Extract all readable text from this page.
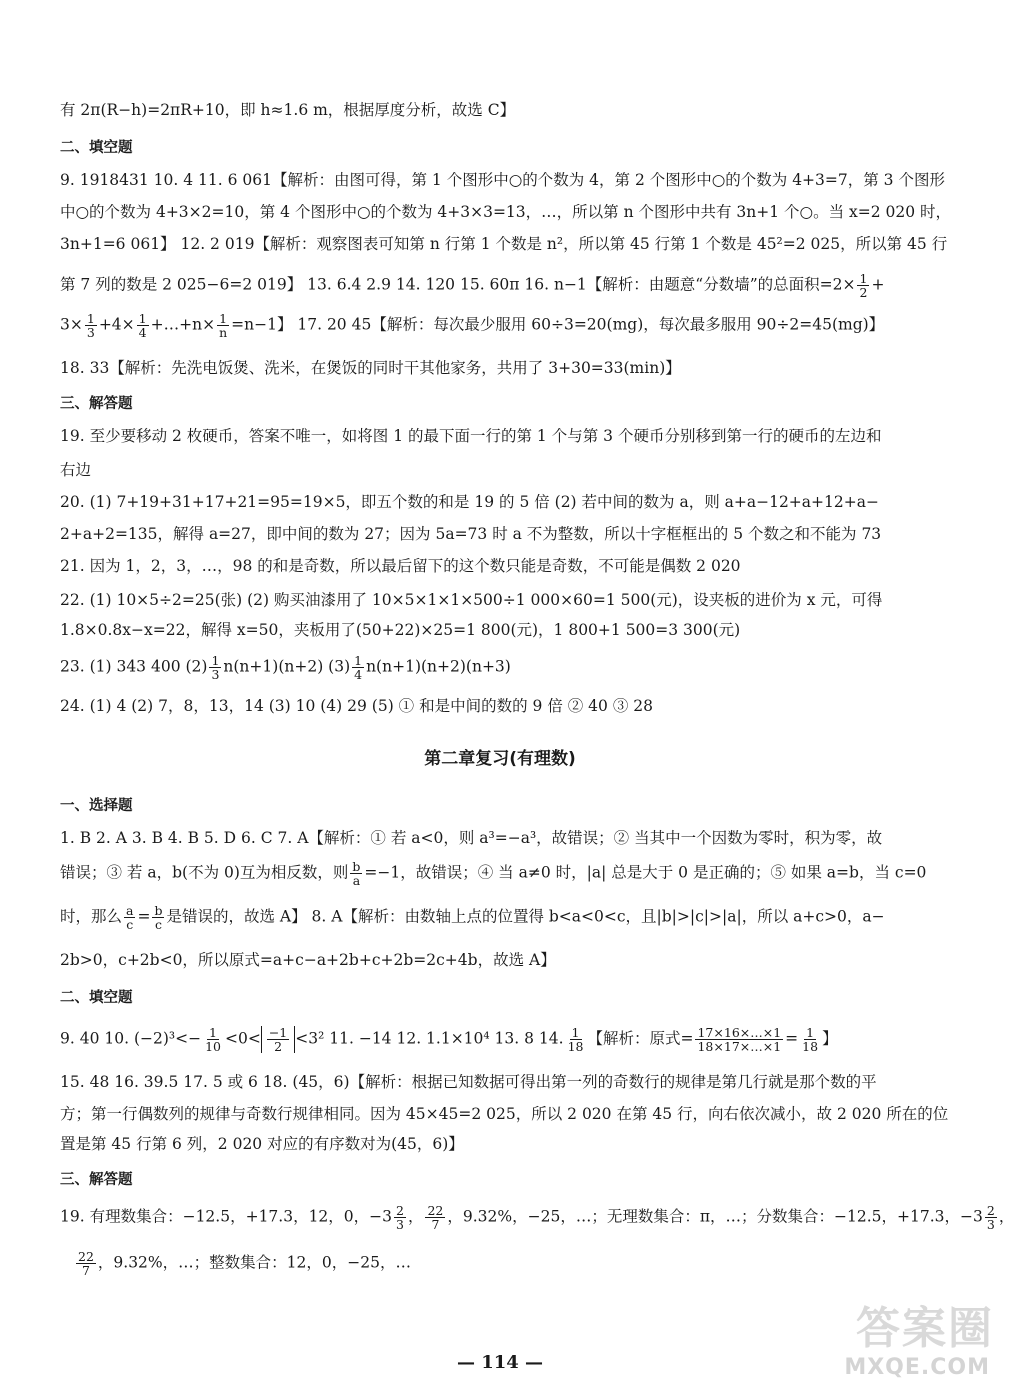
有 2π(R−h)=2πR+10，即 h≈1.6 m，根据厚度分析，故选 C】
二、填空题
9. 1918431 10. 4 11. 6 061【解析：由图可得，第 1 个图形中○的个数为 4，第 2 个图形中○的个数为 4+3=7，第 3 个图形
中○的个数为 4+3×2=10，第 4 个图形中○的个数为 4+3×3=13，…，所以第 n 个图形中共有 3n+1 个○。当 x=2 020 时，
3n+1=6 061】 12. 2 019【解析：观察图表可知第 n 行第 1 个数是 n²，所以第 45 行第 1 个数是 45²=2 025，所以第 45 行
第 7 列的数是 2 025−6=2 019】 13. 6.4 2.9 14. 120 15. 60π 16. n−1【解析：由题意“分数墙”的总面积$=2\times \frac{1}{2}$ +
$3\times \frac{1}{3} +4\times \frac{1}{4}$ +…+n× $\frac{1}{n} =n-1$】 17. 20 45【解析：每次最少服用 60÷3=20(mg)，每次最多服用 90÷2=45(mg)】
18. 33【解析：先洗电饭煲、洗米，在煲饭的同时干其他家务，共用了 3+30=33(min)】
三、解答题
19. 至少要移动 2 枚硬币，答案不唯一，如将图 1 的最下面一行的第 1 个与第 3 个硬币分别移到第一行的硬币的左边和
右边
20. (1) 7+19+31+17+21=95=19×5，即五个数的和是 19 的 5 倍 (2) 若中间的数为 a，则 a+a−12+a+12+a−
2+a+2=135，解得 a=27，即中间的数为 27；因为 5a=73 时 a 不为整数，所以十字框框出的 5 个数之和不能为 73
21. 因为 1，2，3，…，98 的和是奇数，所以最后留下的这个数只能是奇数，不可能是偶数 2 020
22. (1) 10×5÷2=25(张) (2) 购买油漆用了 10×5×1×1×500÷1 000×60=1 500(元)，设夹板的进价为 x 元，可得
1.8×0.8x−x=22，解得 x=50，夹板用了(50+22)×25=1 800(元)，1 800+1 500=3 300(元)
23. (1) 343 400 $(2) \frac{1}{3} n(n+1)(n+2)$ $(3) \frac{1}{4} n(n+1)(n+2)(n+3)$
24. (1) 4 (2) 7，8，13，14 (3) 10 (4) 29 (5) ① 和是中间的数的 9 倍 ② 40 ③ 28
第二章复习(有理数)
一、选择题
1. B 2. A 3. B 4. B 5. D 6. C 7. A【解析：① 若 a<0，则 a³=−a³，故错误；② 当其中一个因数为零时，积为零，故
错误；③ 若 a，b(不为 0)互为相反数，则 $\frac{b}{a} =-1$，故错误；④ 当 a≠0 时，|a| 总是大于 0 是正确的；⑤ 如果 a=b，当 c=0
时，那么 $\frac{a}{c} = \frac{b}{c}$ 是错误的，故选 A】 8. A【解析：由数轴上点的位置得 b<a<0<c，且|b|>|c|>|a|，所以 a+c>0，a−
2b>0，c+2b<0，所以原式=a+c−a+2b+c+2b=2c+4b，故选 A】
二、填空题
9. 40 10. $(-2)^3<- \frac{1}{10} <0< \frac{-1}{2} <3^2$ 11. −14 12. 1.1×10⁴ 13. 8 14. $\frac{1}{18}$ 【解析：原式= $\frac{17\times 16\times\dots\times 1}{18\times 17\times\dots\times 1} = \frac{1}{18}$ 】
15. 48 16. 39.5 17. 5 或 6 18. (45，6)【解析：根据已知数据可得出第一列的奇数行的规律是第几行就是那个数的平
方；第一行偶数列的规律与奇数行规律相同。因为 45×45=2 025，所以 2 020 在第 45 行，向右依次减小，故 2 020 所在的位
置是第 45 行第 6 列，2 020 对应的有序数对为(45，6)】
三、解答题
19. 有理数集合：−12.5，+17.3，12，0，$-3 \frac{2}{3}$ ， $\frac{22}{7}$ ，9.32%，−25，…；无理数集合：π，…；分数集合：−12.5，+17.3，$-3 \frac{2}{3}$ ，
$\frac{22}{7}$ ，9.32%，…；整数集合：12，0，−25，…
— 114 —
答案圈
MXQE.COM
